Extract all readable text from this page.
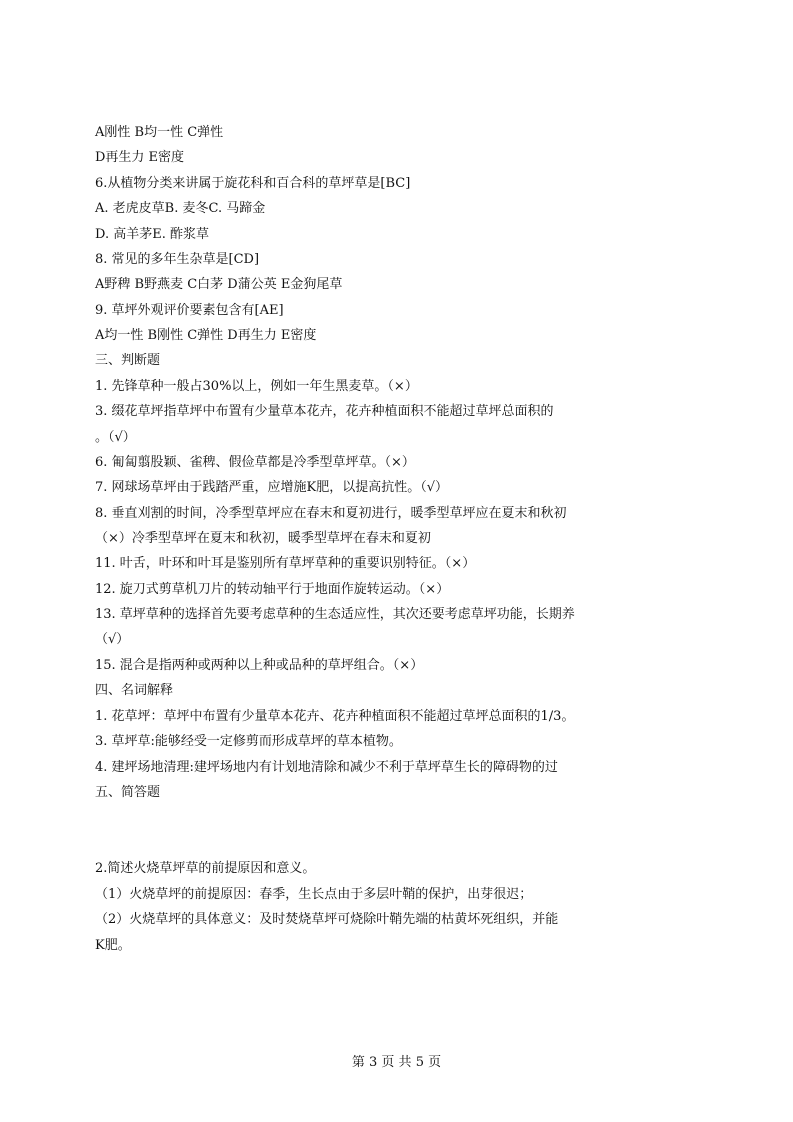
A刚性 B均一性 C弹性
D再生力 E密度
6.从植物分类来讲属于旋花科和百合科的草坪草是[BC]
A. 老虎皮草B. 麦冬C. 马蹄金
D. 高羊茅E. 酢浆草
8. 常见的多年生杂草是[CD]
A野稗 B野燕麦 C白茅 D蒲公英 E金狗尾草
9. 草坪外观评价要素包含有[AE]
A均一性 B刚性 C弹性 D再生力 E密度
三、判断题
1. 先锋草种一般占30%以上，例如一年生黑麦草。（×）
3. 缀花草坪指草坪中布置有少量草本花卉，花卉种植面积不能超过草坪总面积的
。（√）
6. 匍匐翦股颖、雀稗、假俭草都是冷季型草坪草。（×）
7. 网球场草坪由于践踏严重，应增施K肥，以提高抗性。（√）
8. 垂直刈割的时间，冷季型草坪应在春末和夏初进行，暖季型草坪应在夏末和秋初
（×）冷季型草坪在夏末和秋初，暖季型草坪在春末和夏初
11. 叶舌，叶环和叶耳是鉴别所有草坪草种的重要识别特征。（×）
12. 旋刀式剪草机刀片的转动轴平行于地面作旋转运动。（×）
13. 草坪草种的选择首先要考虑草种的生态适应性，其次还要考虑草坪功能，长期养
（√）
15. 混合是指两种或两种以上种或品种的草坪组合。（×）
四、名词解释
1. 花草坪：草坪中布置有少量草本花卉、花卉种植面积不能超过草坪总面积的1/3。
3. 草坪草:能够经受一定修剪而形成草坪的草本植物。
4. 建坪场地清理:建坪场地内有计划地清除和减少不利于草坪草生长的障碍物的过
五、简答题
2.简述火烧草坪草的前提原因和意义。
（1）火烧草坪的前提原因：春季，生长点由于多层叶鞘的保护，出芽很迟；
（2）火烧草坪的具体意义：及时焚烧草坪可烧除叶鞘先端的枯黄坏死组织，并能
K肥。
第 3 页 共 5 页
